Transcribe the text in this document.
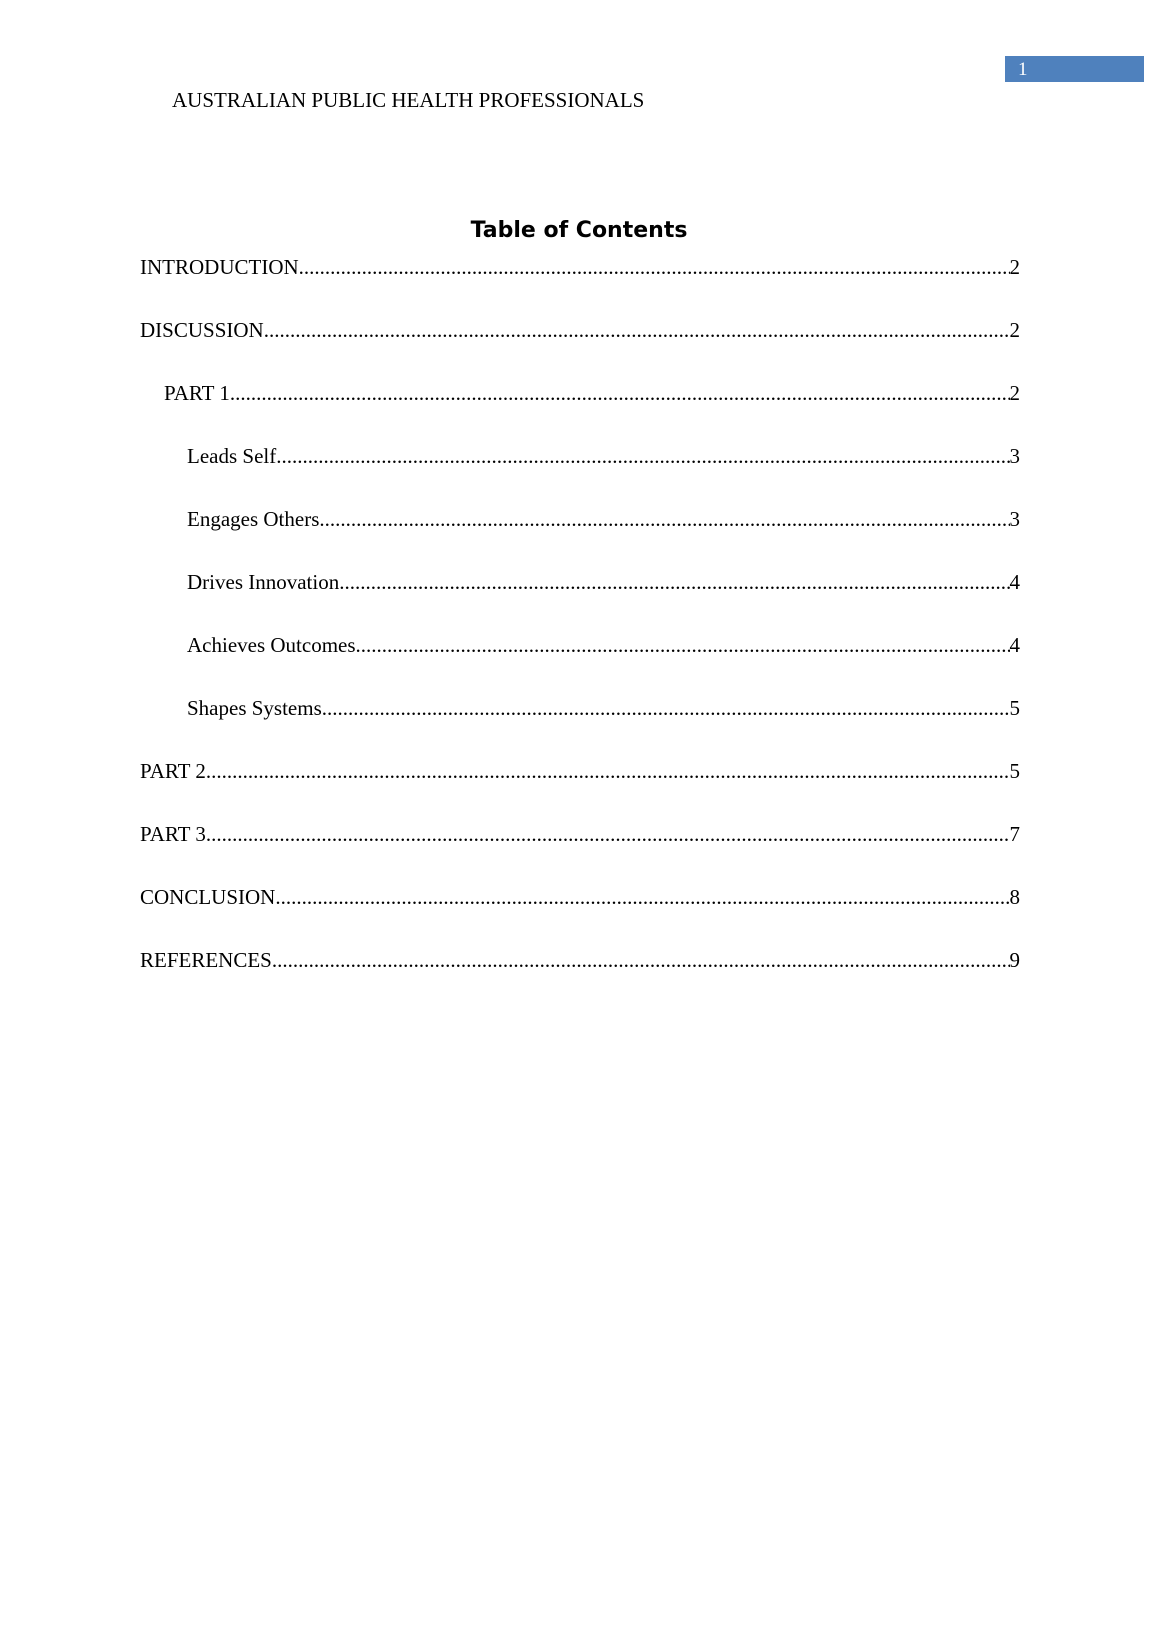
1
AUSTRALIAN PUBLIC HEALTH PROFESSIONALS
Table of Contents
INTRODUCTION .....	2
DISCUSSION .....	2
PART 1 .....	2
Leads Self .....	3
Engages Others .....	3
Drives Innovation .....	4
Achieves Outcomes .....	4
Shapes Systems .....	5
PART 2 .....	5
PART 3 .....	7
CONCLUSION .....	8
REFERENCES .....	9
